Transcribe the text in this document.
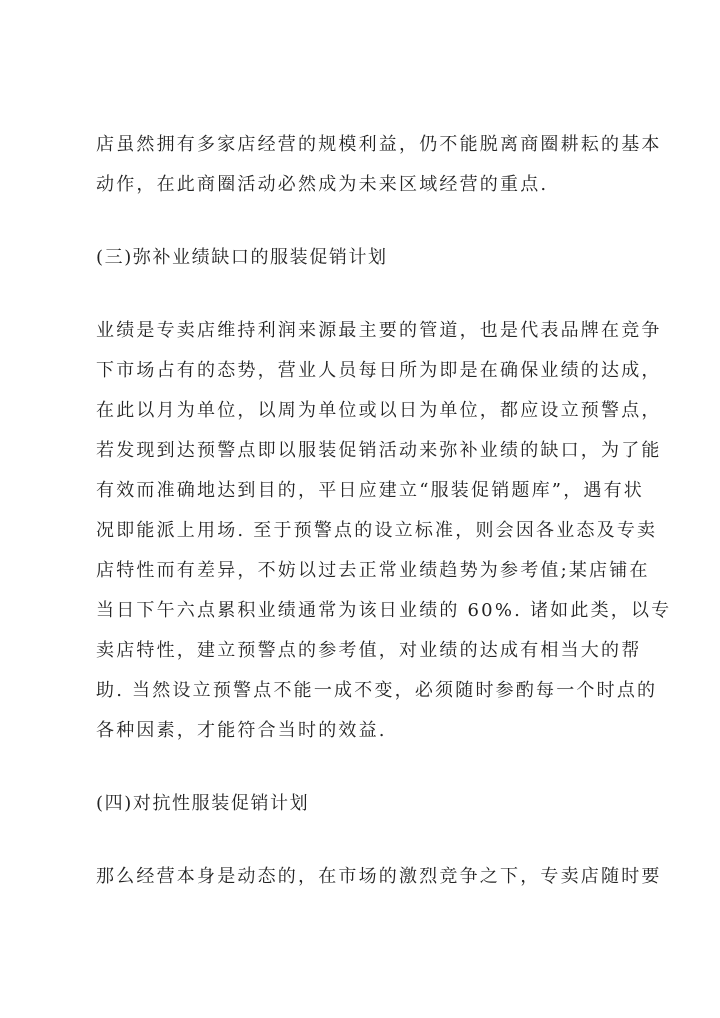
店虽然拥有多家店经营的规模利益，仍不能脱离商圈耕耘的基本
动作，在此商圈活动必然成为未来区域经营的重点.
(三)弥补业绩缺口的服装促销计划
业绩是专卖店维持利润来源最主要的管道，也是代表品牌在竞争
下市场占有的态势，营业人员每日所为即是在确保业绩的达成，
在此以月为单位，以周为单位或以日为单位，都应设立预警点，
若发现到达预警点即以服装促销活动来弥补业绩的缺口，为了能
有效而准确地达到目的，平日应建立“服装促销题库”，遇有状
况即能派上用场. 至于预警点的设立标准，则会因各业态及专卖
店特性而有差异，不妨以过去正常业绩趋势为参考值;某店铺在
当日下午六点累积业绩通常为该日业绩的 60%. 诸如此类，以专
卖店特性，建立预警点的参考值，对业绩的达成有相当大的帮
助. 当然设立预警点不能一成不变，必须随时参酌每一个时点的
各种因素，才能符合当时的效益.
(四)对抗性服装促销计划
那么经营本身是动态的，在市场的激烈竞争之下，专卖店随时要
